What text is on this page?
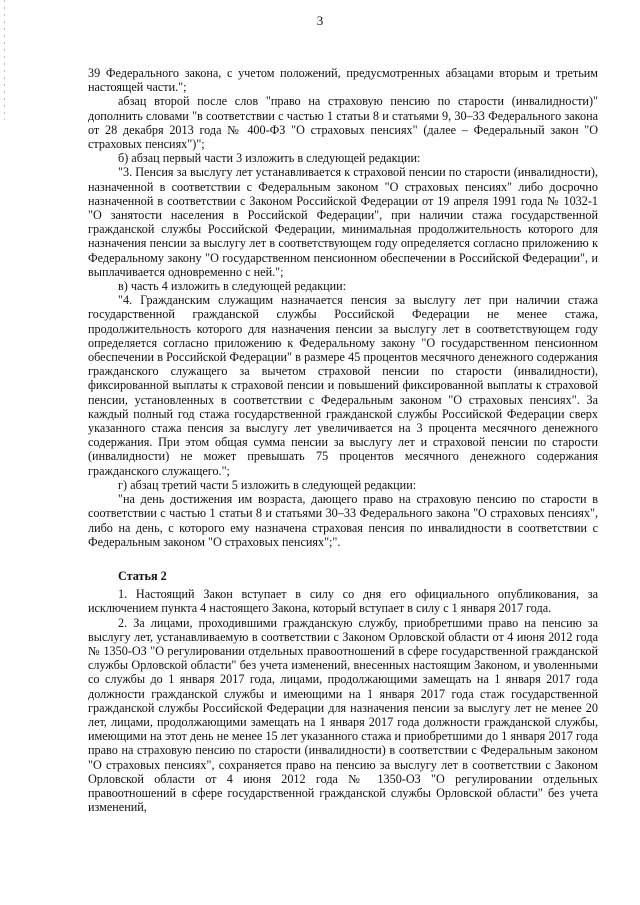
3

39 Федерального закона, с учетом положений, предусмотренных абзацами вторым и третьим настоящей части.";

абзац второй после слов "право на страховую пенсию по старости (инвалидности)" дополнить словами "в соответствии с частью 1 статьи 8 и статьями 9, 30–33 Федерального закона от 28 декабря 2013 года № 400-ФЗ "О страховых пенсиях" (далее – Федеральный закон "О страховых пенсиях")";

б) абзац первый части 3 изложить в следующей редакции:

"3. Пенсия за выслугу лет устанавливается к страховой пенсии по старости (инвалидности), назначенной в соответствии с Федеральным законом "О страховых пенсиях" либо досрочно назначенной в соответствии с Законом Российской Федерации от 19 апреля 1991 года № 1032-1 "О занятости населения в Российской Федерации", при наличии стажа государственной гражданской службы Российской Федерации, минимальная продолжительность которого для назначения пенсии за выслугу лет в соответствующем году определяется согласно приложению к Федеральному закону "О государственном пенсионном обеспечении в Российской Федерации", и выплачивается одновременно с ней.";

в) часть 4 изложить в следующей редакции:

"4. Гражданским служащим назначается пенсия за выслугу лет при наличии стажа государственной гражданской службы Российской Федерации не менее стажа, продолжительность которого для назначения пенсии за выслугу лет в соответствующем году определяется согласно приложению к Федеральному закону "О государственном пенсионном обеспечении в Российской Федерации" в размере 45 процентов месячного денежного содержания гражданского служащего за вычетом страховой пенсии по старости (инвалидности), фиксированной выплаты к страховой пенсии и повышений фиксированной выплаты к страховой пенсии, установленных в соответствии с Федеральным законом "О страховых пенсиях". За каждый полный год стажа государственной гражданской службы Российской Федерации сверх указанного стажа пенсия за выслугу лет увеличивается на 3 процента месячного денежного содержания. При этом общая сумма пенсии за выслугу лет и страховой пенсии по старости (инвалидности) не может превышать 75 процентов месячного денежного содержания гражданского служащего.";

г) абзац третий части 5 изложить в следующей редакции:

"на день достижения им возраста, дающего право на страховую пенсию по старости в соответствии с частью 1 статьи 8 и статьями 30–33 Федерального закона "О страховых пенсиях", либо на день, с которого ему назначена страховая пенсия по инвалидности в соответствии с Федеральным законом "О страховых пенсиях";".

Статья 2

1. Настоящий Закон вступает в силу со дня его официального опубликования, за исключением пункта 4 настоящего Закона, который вступает в силу с 1 января 2017 года.

2. За лицами, проходившими гражданскую службу, приобретшими право на пенсию за выслугу лет, устанавливаемую в соответствии с Законом Орловской области от 4 июня 2012 года № 1350-ОЗ "О регулировании отдельных правоотношений в сфере государственной гражданской службы Орловской области" без учета изменений, внесенных настоящим Законом, и уволенными со службы до 1 января 2017 года, лицами, продолжающими замещать на 1 января 2017 года должности гражданской службы и имеющими на 1 января 2017 года стаж государственной гражданской службы Российской Федерации для назначения пенсии за выслугу лет не менее 20 лет, лицами, продолжающими замещать на 1 января 2017 года должности гражданской службы, имеющими на этот день не менее 15 лет указанного стажа и приобретшими до 1 января 2017 года право на страховую пенсию по старости (инвалидности) в соответствии с Федеральным законом "О страховых пенсиях", сохраняется право на пенсию за выслугу лет в соответствии с Законом Орловской области от 4 июня 2012 года № 1350-ОЗ "О регулировании отдельных правоотношений в сфере государственной гражданской службы Орловской области" без учета изменений,
